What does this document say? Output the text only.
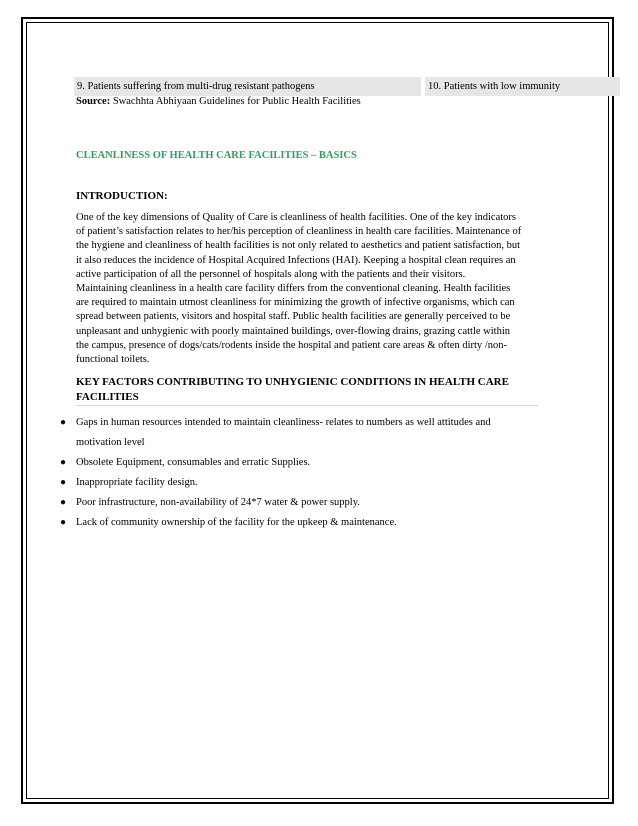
9. Patients suffering from multi-drug resistant pathogens	10. Patients with low immunity
Source: Swachhta Abhiyaan Guidelines for Public Health Facilities
CLEANLINESS OF HEALTH CARE FACILITIES – BASICS
INTRODUCTION:

One of the key dimensions of Quality of Care is cleanliness of health facilities. One of the key indicators

of patient’s satisfaction relates to her/his perception of cleanliness in health care facilities. Maintenance of

the hygiene and cleanliness of health facilities is not only related to aesthetics and patient satisfaction, but

it also reduces the incidence of Hospital Acquired Infections (HAI). Keeping a hospital clean requires an

active participation of all the personnel of hospitals along with the patients and their visitors.

Maintaining cleanliness in a health care facility differs from the conventional cleaning. Health facilities

are required to maintain utmost cleanliness for minimizing the growth of infective organisms, which can

spread between patients, visitors and hospital staff. Public health facilities are generally perceived to be

unpleasant and unhygienic with poorly maintained buildings, over-flowing drains, grazing cattle within

the campus, presence of dogs/cats/rodents inside the hospital and patient care areas & often dirty /non-

functional toilets.

KEY FACTORS CONTRIBUTING TO UNHYGIENIC CONDITIONS IN HEALTH CARE
FACILITIES
● Gaps in human resources intended to maintain cleanliness- relates to numbers as well attitudes and
motivation level
● Obsolete Equipment, consumables and erratic Supplies.
● Inappropriate facility design.
● Poor infrastructure, non-availability of 24*7 water & power supply.
● Lack of community ownership of the facility for the upkeep & maintenance.
